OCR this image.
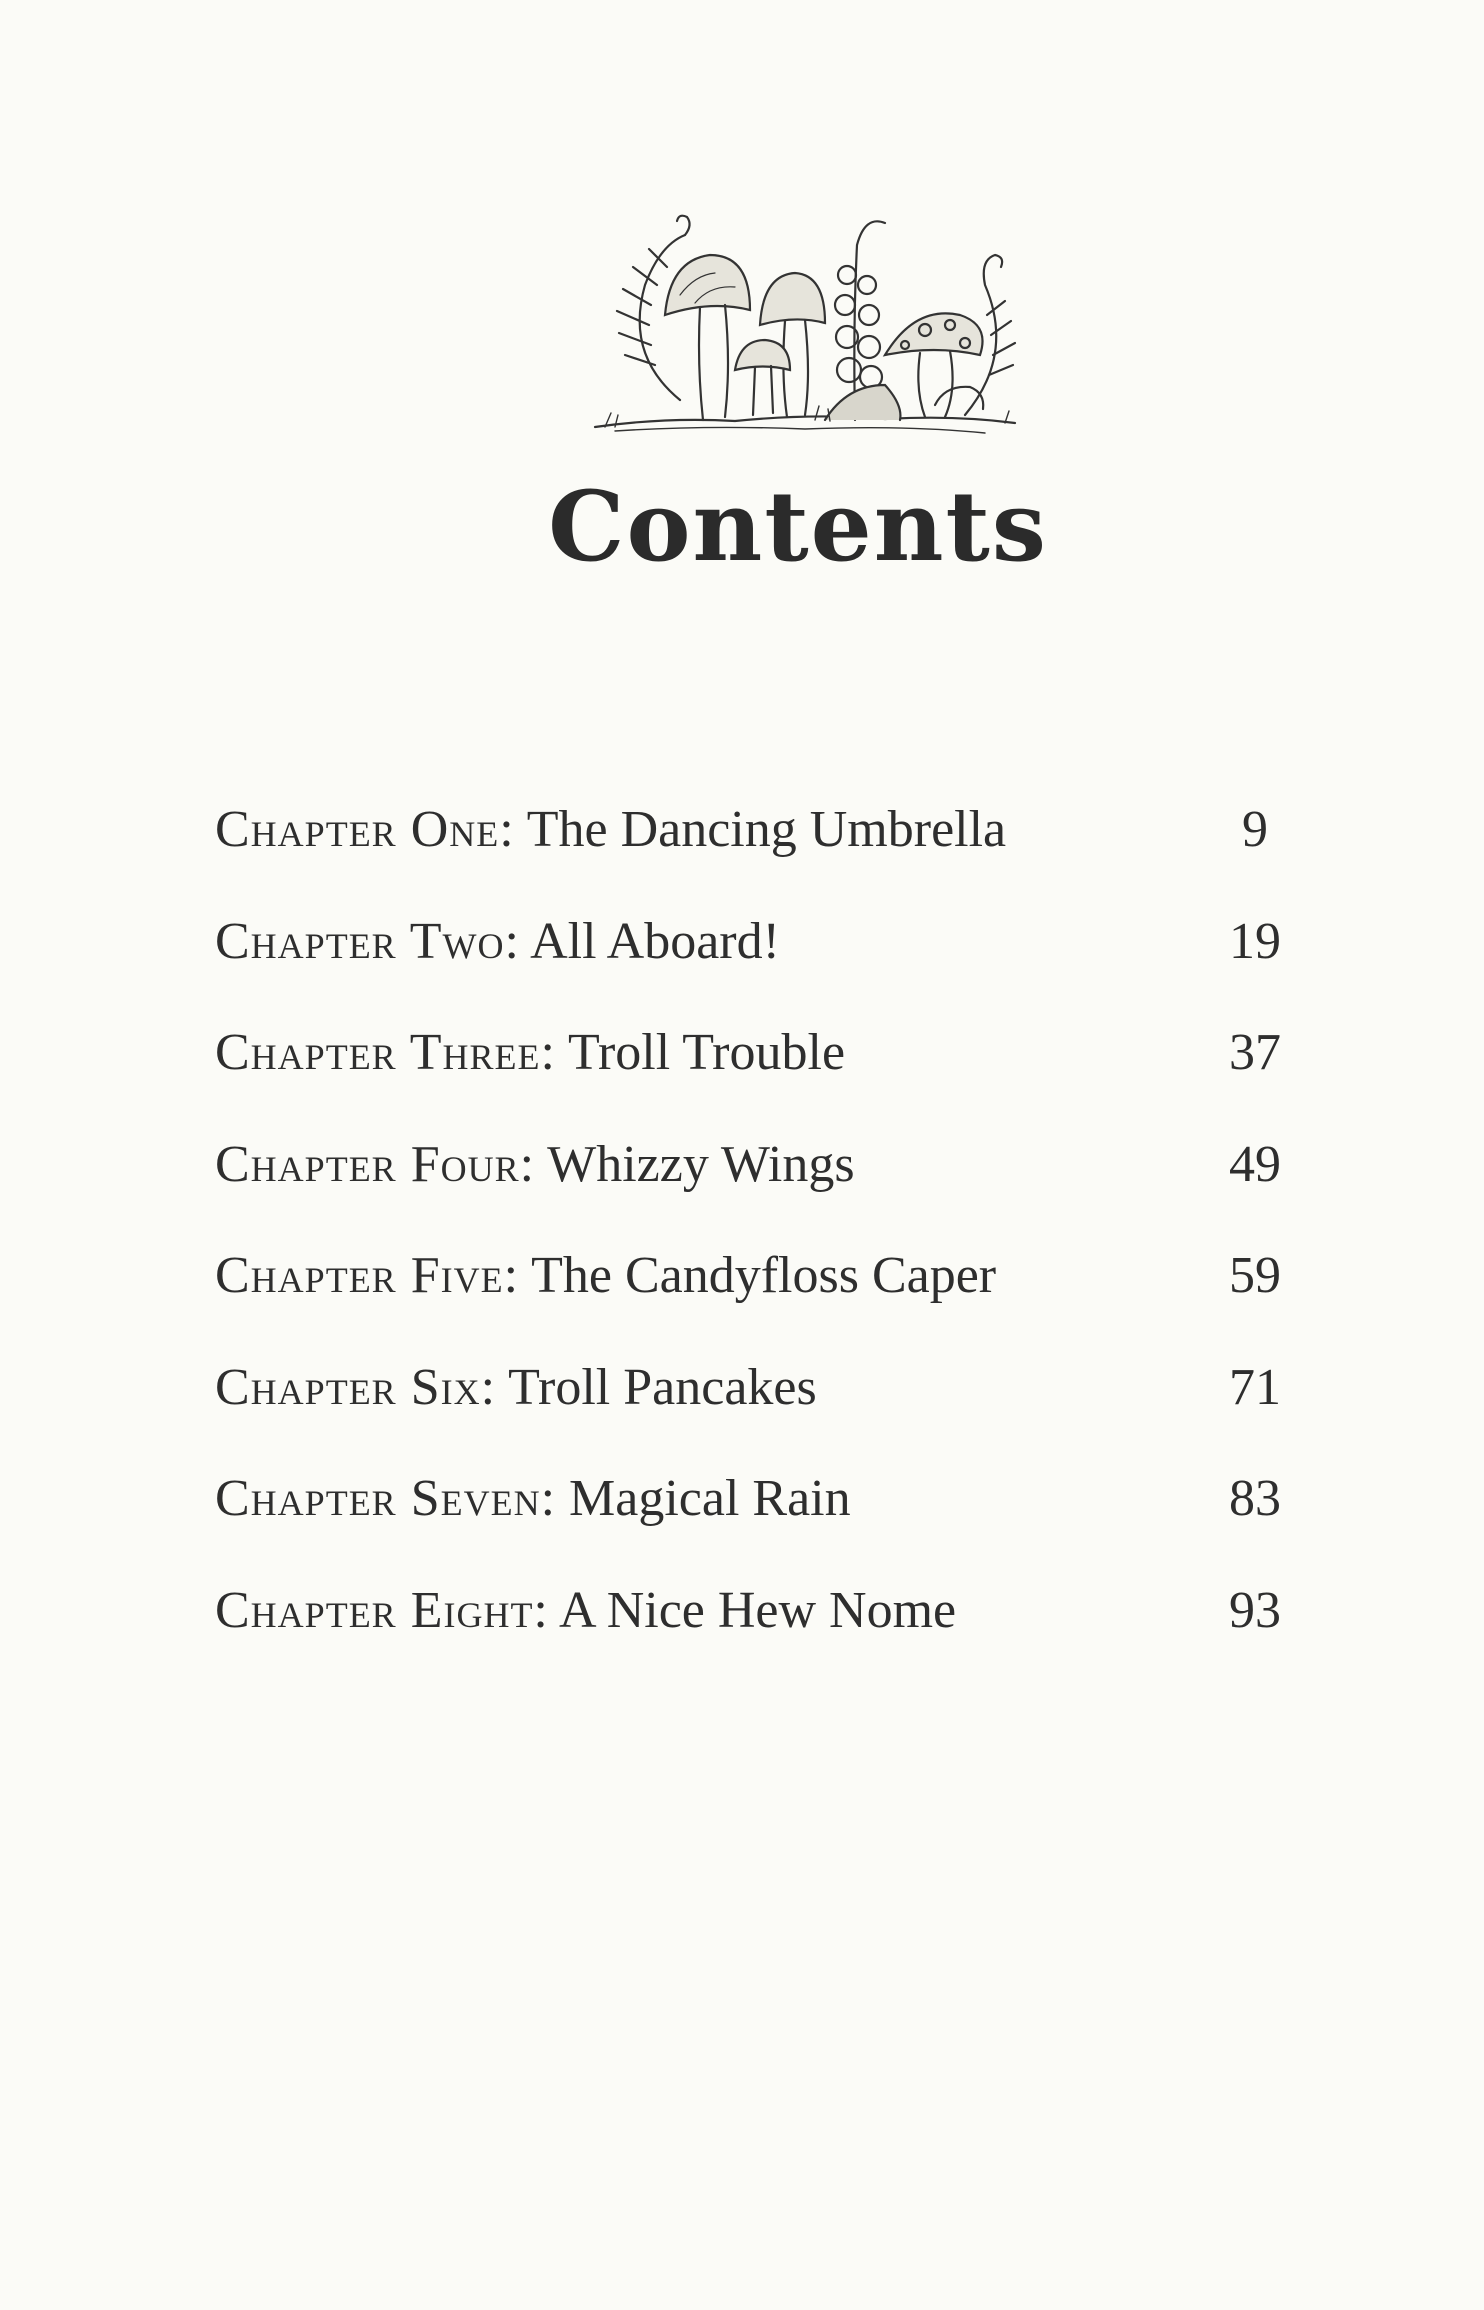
Contents
Chapter One: The Dancing Umbrella	9
Chapter Two: All Aboard!	19
Chapter Three: Troll Trouble	37
Chapter Four: Whizzy Wings	49
Chapter Five: The Candyfloss Caper	59
Chapter Six: Troll Pancakes	71
Chapter Seven: Magical Rain	83
Chapter Eight: A Nice Hew Nome	93
